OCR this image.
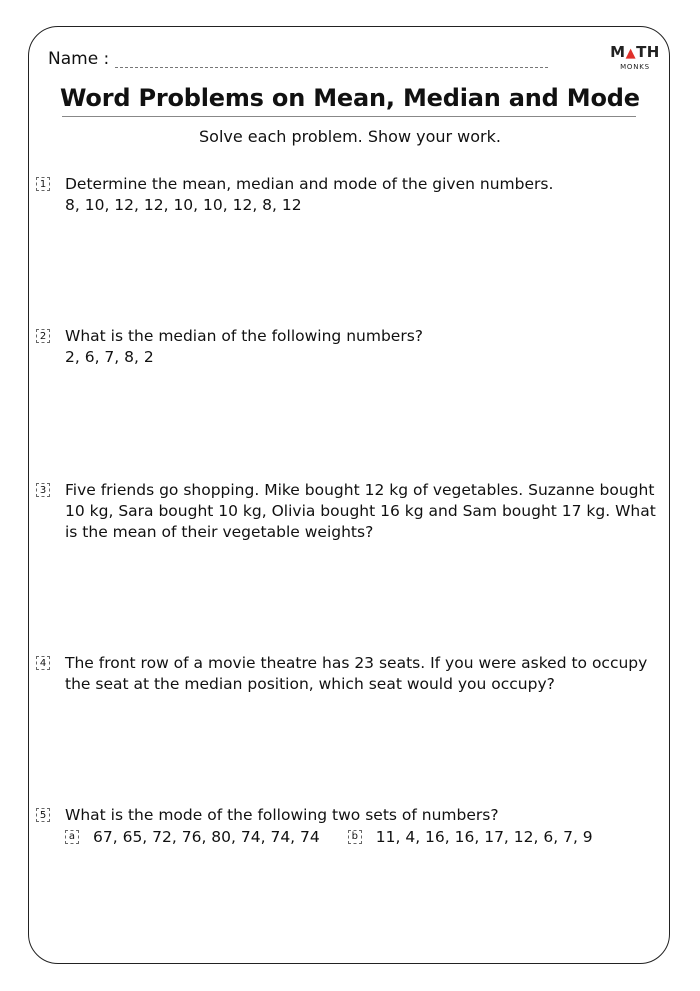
Name :	M▲TH
MONKS
Word Problems on Mean, Median and Mode
Solve each problem. Show your work.
1 Determine the mean, median and mode of the given numbers.
8, 10, 12, 12, 10, 10, 12, 8, 12
2 What is the median of the following numbers?
2, 6, 7, 8, 2
3 Five friends go shopping. Mike bought 12 kg of vegetables. Suzanne bought 10 kg, Sara bought 10 kg, Olivia bought 16 kg and Sam bought 17 kg. What is the mean of their vegetable weights?
4 The front row of a movie theatre has 23 seats. If you were asked to occupy the seat at the median position, which seat would you occupy?
5 What is the mode of the following two sets of numbers?
a 67, 65, 72, 76, 80, 74, 74, 74	b 11, 4, 16, 16, 17, 12, 6, 7, 9
